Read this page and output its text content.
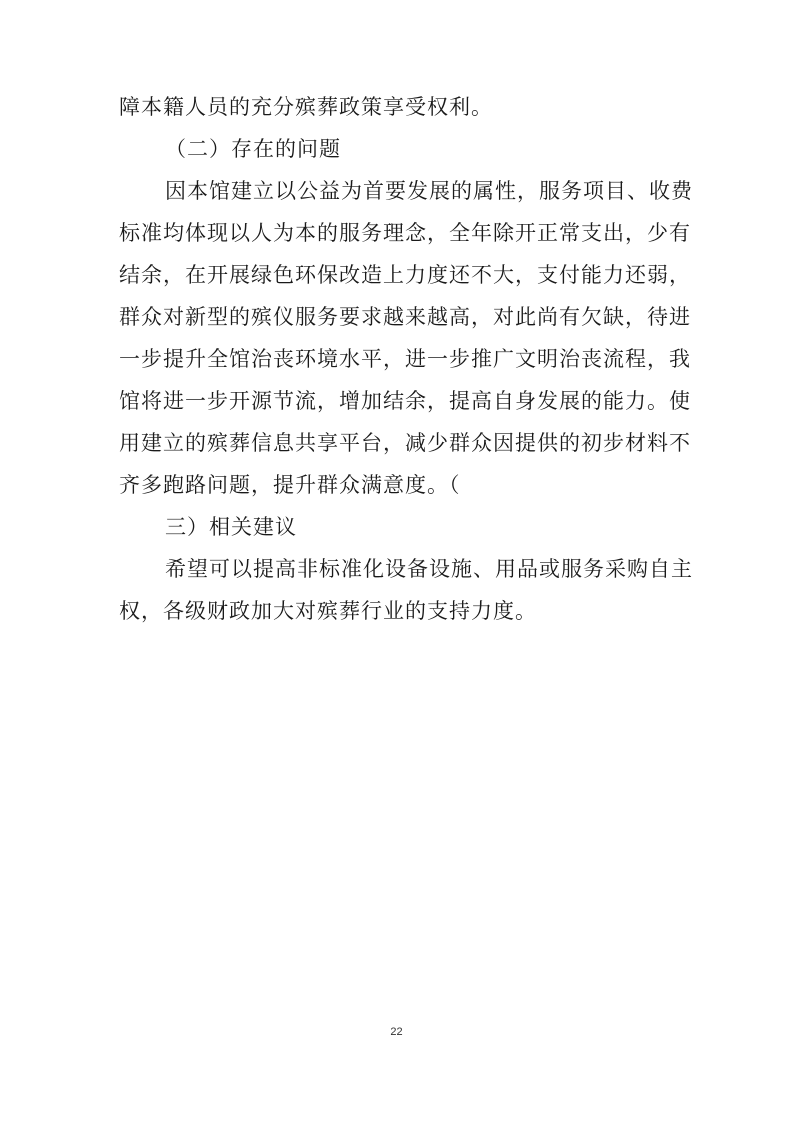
障本籍人员的充分殡葬政策享受权利。
（二）存在的问题
因本馆建立以公益为首要发展的属性，服务项目、收费
标准均体现以人为本的服务理念，全年除开正常支出，少有
结余，在开展绿色环保改造上力度还不大，支付能力还弱，
群众对新型的殡仪服务要求越来越高，对此尚有欠缺，待进
一步提升全馆治丧环境水平，进一步推广文明治丧流程，我
馆将进一步开源节流，增加结余，提高自身发展的能力。使
用建立的殡葬信息共享平台，减少群众因提供的初步材料不
齐多跑路问题，提升群众满意度。（
三）相关建议
希望可以提高非标准化设备设施、用品或服务采购自主
权，各级财政加大对殡葬行业的支持力度。
22
